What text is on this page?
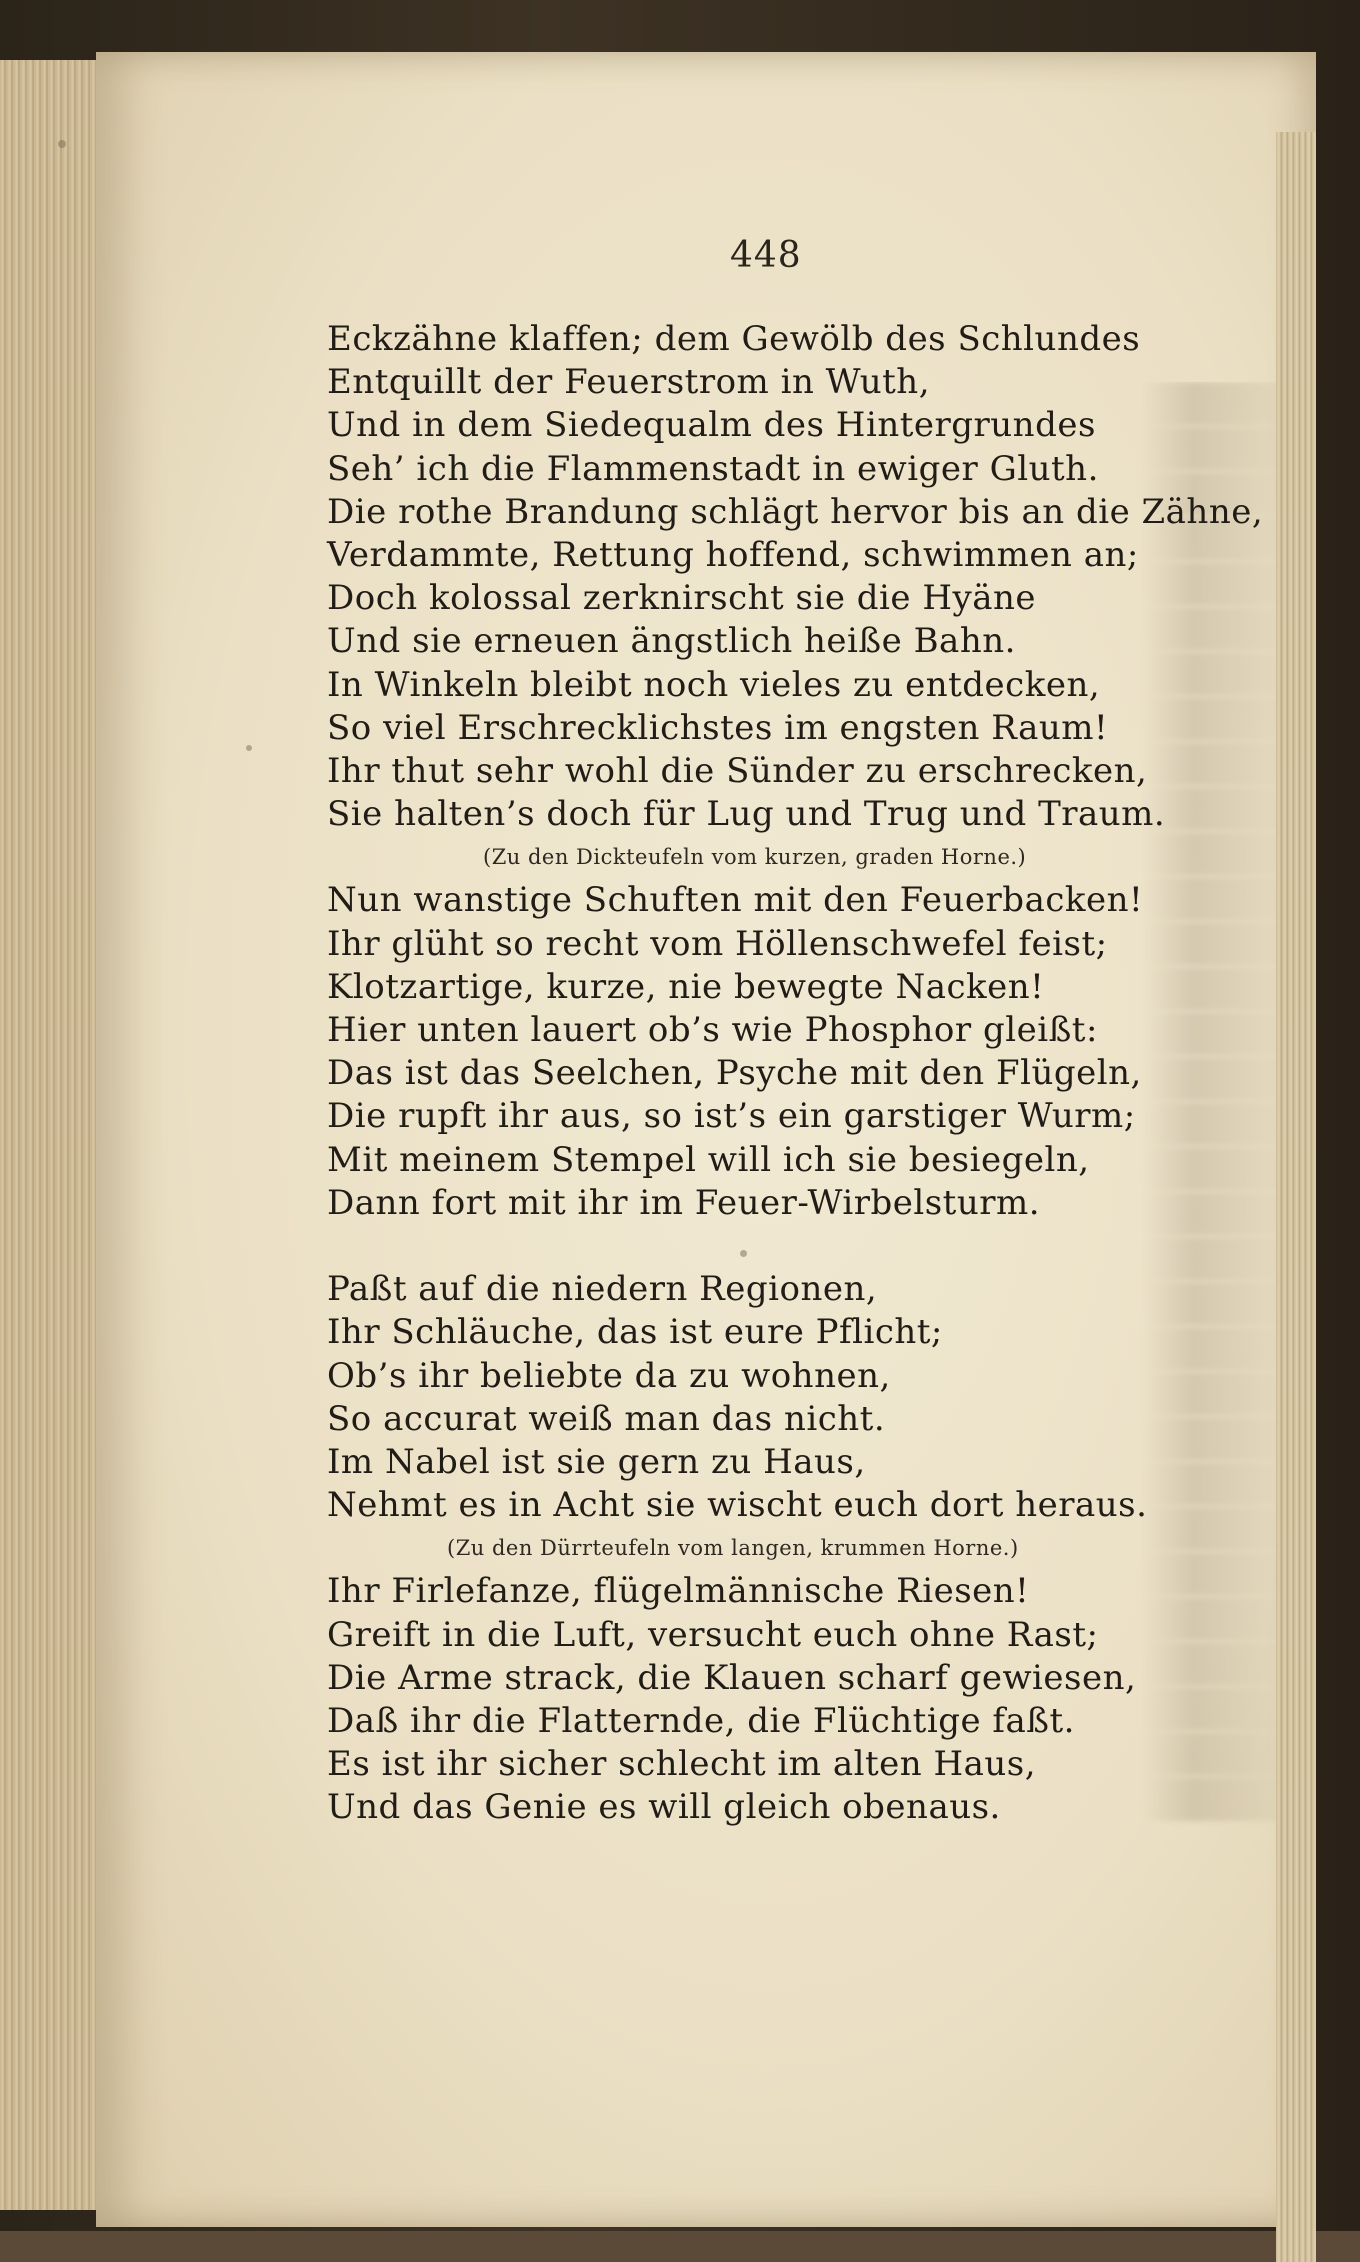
448
Eckzähne klaffen; dem Gewölb des Schlundes
Entquillt der Feuerstrom in Wuth,
Und in dem Siedequalm des Hintergrundes
Seh’ ich die Flammenstadt in ewiger Gluth.
Die rothe Brandung schlägt hervor bis an die Zähne,
Verdammte, Rettung hoffend, schwimmen an;
Doch kolossal zerknirscht sie die Hyäne
Und sie erneuen ängstlich heiße Bahn.
In Winkeln bleibt noch vieles zu entdecken,
So viel Erschrecklichstes im engsten Raum!
Ihr thut sehr wohl die Sünder zu erschrecken,
Sie halten’s doch für Lug und Trug und Traum.
(Zu den Dickteufeln vom kurzen, graden Horne.)
Nun wanstige Schuften mit den Feuerbacken!
Ihr glüht so recht vom Höllenschwefel feist;
Klotzartige, kurze, nie bewegte Nacken!
Hier unten lauert ob’s wie Phosphor gleißt:
Das ist das Seelchen, Psyche mit den Flügeln,
Die rupft ihr aus, so ist’s ein garstiger Wurm;
Mit meinem Stempel will ich sie besiegeln,
Dann fort mit ihr im Feuer-Wirbelsturm.
Paßt auf die niedern Regionen,
Ihr Schläuche, das ist eure Pflicht;
Ob’s ihr beliebte da zu wohnen,
So accurat weiß man das nicht.
Im Nabel ist sie gern zu Haus,
Nehmt es in Acht sie wischt euch dort heraus.
(Zu den Dürrteufeln vom langen, krummen Horne.)
Ihr Firlefanze, flügelmännische Riesen!
Greift in die Luft, versucht euch ohne Rast;
Die Arme strack, die Klauen scharf gewiesen,
Daß ihr die Flatternde, die Flüchtige faßt.
Es ist ihr sicher schlecht im alten Haus,
Und das Genie es will gleich obenaus.
